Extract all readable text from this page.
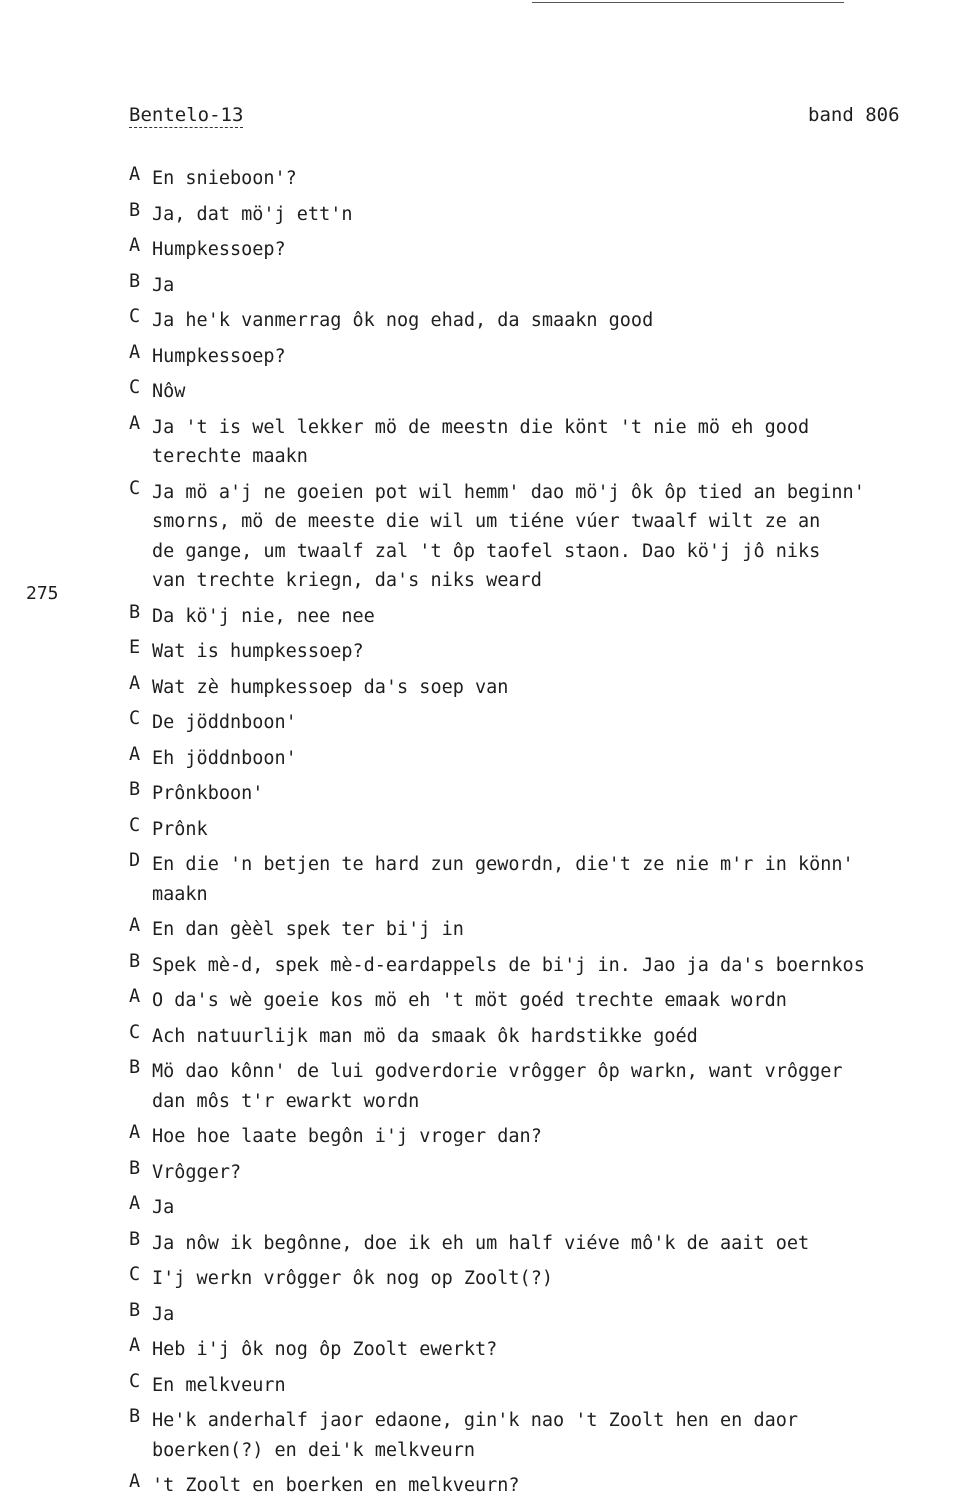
Bentelo-13	band 806
275
A En snieboon'?
B Ja, dat mö'j ett'n
A Humpkessoep?
B Ja
C Ja he'k vanmerrag ôk nog ehad, da smaakn good
A Humpkessoep?
C Nôw
A Ja 't is wel lekker mö de meestn die könt 't nie mö eh good
terechte maakn
C Ja mö a'j ne goeien pot wil hemm' dao mö'j ôk ôp tied an beginn'
smorns, mö de meeste die wil um tiéne vúer twaalf wilt ze an
de gange, um twaalf zal 't ôp taofel staon. Dao kö'j jô niks
van trechte kriegn, da's niks weard
B Da kö'j nie, nee nee
E Wat is humpkessoep?
A Wat zè humpkessoep da's soep van
C De jöddnboon'
A Eh jöddnboon'
B Prônkboon'
C Prônk
D En die 'n betjen te hard zun gewordn, die't ze nie m'r in könn'
maakn
A En dan gèèl spek ter bi'j in
B Spek mè-d, spek mè-d-eardappels de bi'j in. Jao ja da's boernkos
A O da's wè goeie kos mö eh 't möt goéd trechte emaak wordn
C Ach natuurlijk man mö da smaak ôk hardstikke goéd
B Mö dao kônn' de lui godverdorie vrôgger ôp warkn, want vrôgger
dan môs t'r ewarkt wordn
A Hoe hoe laate begôn i'j vroger dan?
B Vrôgger?
A Ja
B Ja nôw ik begônne, doe ik eh um half viéve mô'k de aait oet
C I'j werkn vrôgger ôk nog op Zoolt(?)
B Ja
A Heb i'j ôk nog ôp Zoolt ewerkt?
C En melkveurn
B He'k anderhalf jaor edaone, gin'k nao 't Zoolt hen en daor
boerken(?) en dei'k melkveurn
A 't Zoolt en boerken en melkveurn?
